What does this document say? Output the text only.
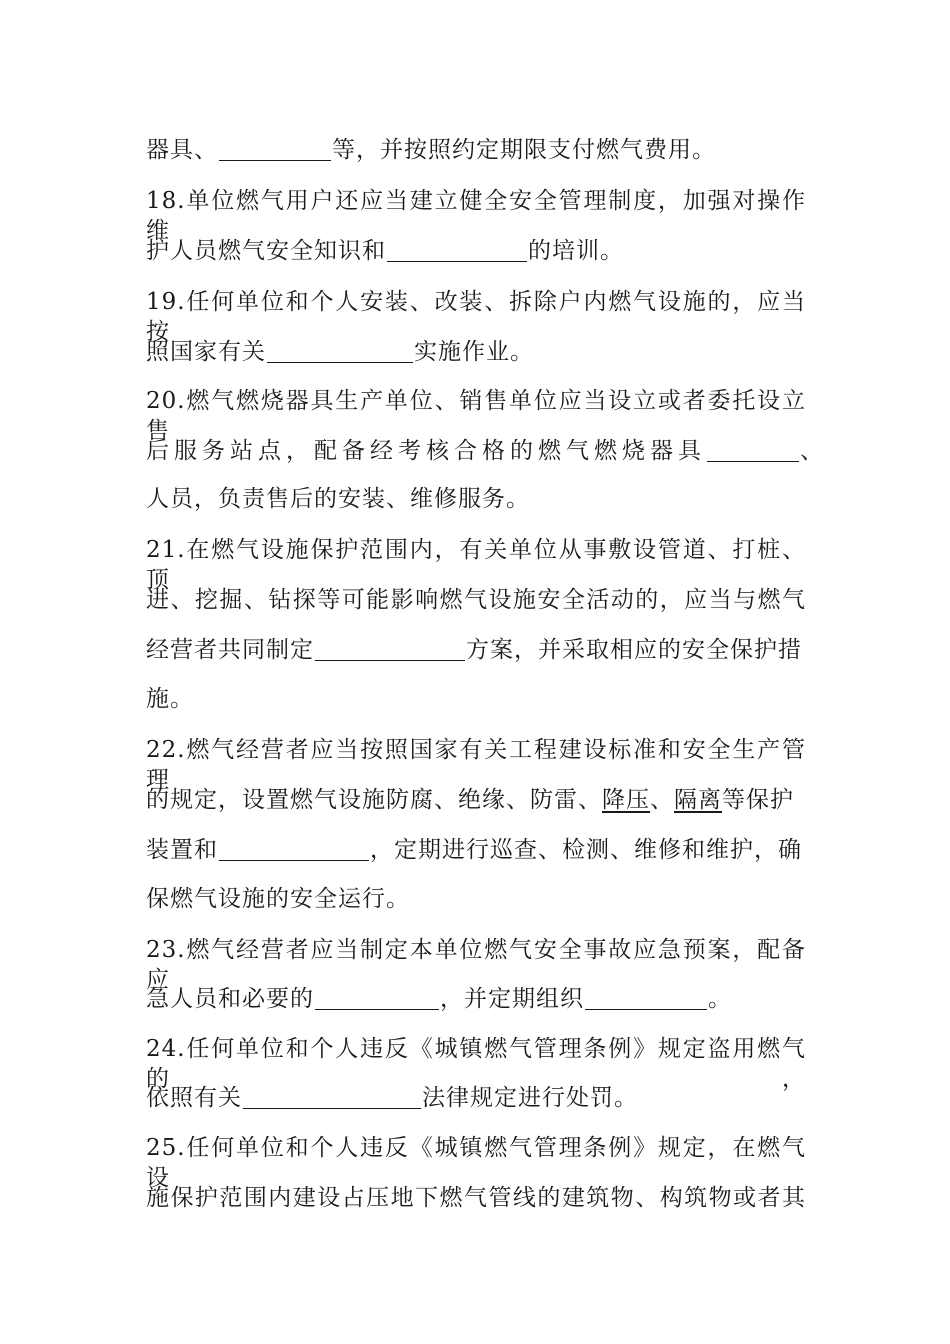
器具、	等，并按照约定期限支付燃气费用。
18.单位燃气用户还应当建立健全安全管理制度，加强对操作维
护人员燃气安全知识和	的培训。
19.任何单位和个人安装、改装、拆除户内燃气设施的，应当按
照国家有关	实施作业。
20.燃气燃烧器具生产单位、销售单位应当设立或者委托设立售
后服务站点，配备经考核合格的燃气燃烧器具	、
人员，负责售后的安装、维修服务。
21.在燃气设施保护范围内，有关单位从事敷设管道、打桩、顶
进、挖掘、钻探等可能影响燃气设施安全活动的，应当与燃气
经营者共同制定	方案，并采取相应的安全保护措
施。
22.燃气经营者应当按照国家有关工程建设标准和安全生产管理
的规定，设置燃气设施防腐、绝缘、防雷、降压、隔离等保护
装置和	，定期进行巡查、检测、维修和维护，确
保燃气设施的安全运行。
23.燃气经营者应当制定本单位燃气安全事故应急预案，配备应
急人员和必要的	，并定期组织	。
24.任何单位和个人违反《城镇燃气管理条例》规定盗用燃气的，
依照有关	法律规定进行处罚。
25.任何单位和个人违反《城镇燃气管理条例》规定，在燃气设
施保护范围内建设占压地下燃气管线的建筑物、构筑物或者其
